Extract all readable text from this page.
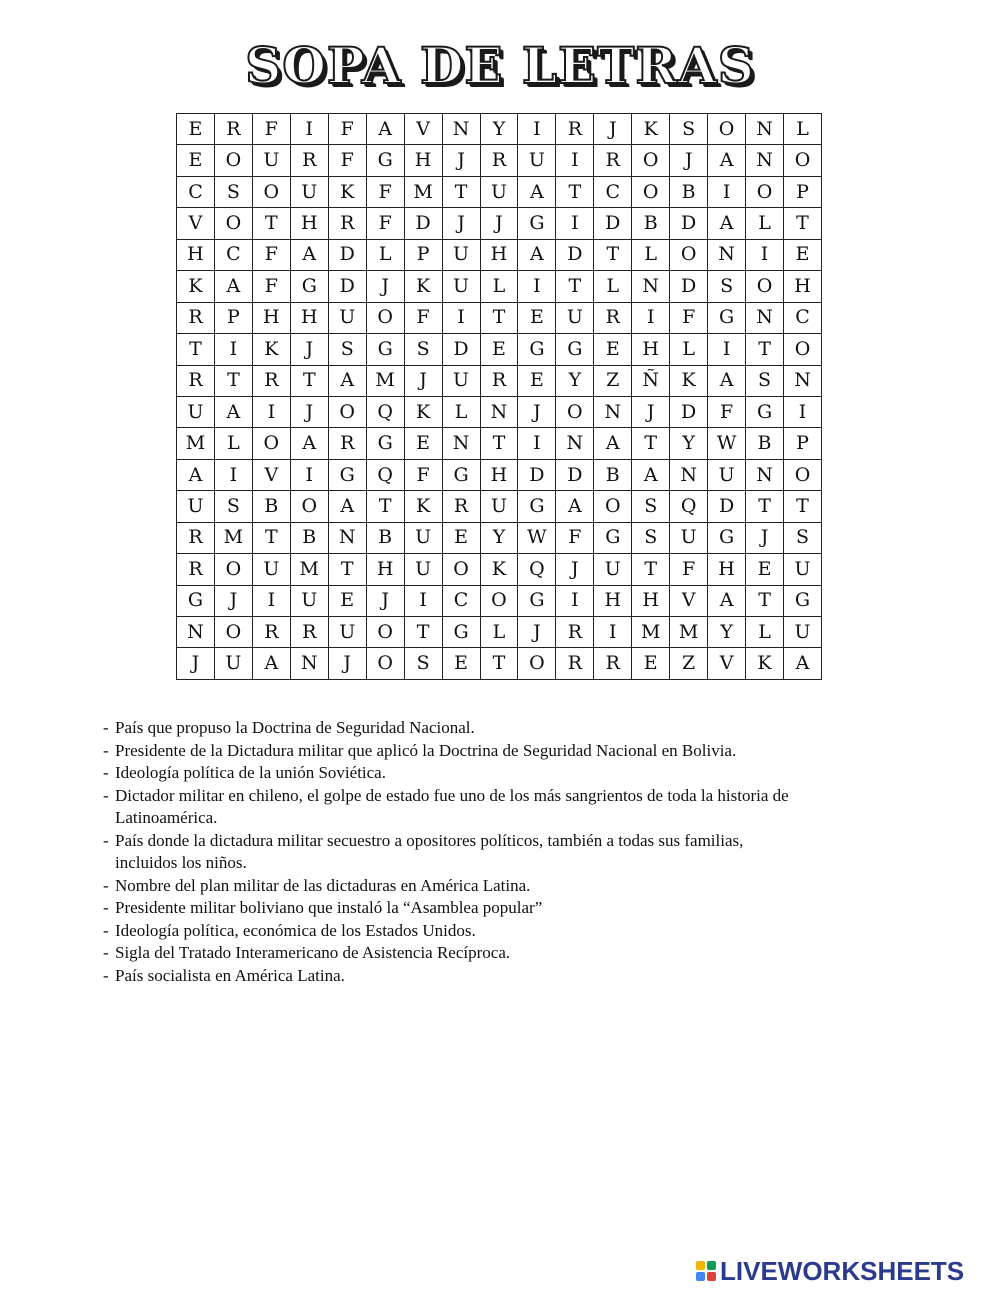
SOPA DE LETRAS
E	R	F	I	F	A	V	N	Y	I	R	J	K	S	O	N	L
E	O	U	R	F	G	H	J	R	U	I	R	O	J	A	N	O
C	S	O	U	K	F	M	T	U	A	T	C	O	B	I	O	P
V	O	T	H	R	F	D	J	J	G	I	D	B	D	A	L	T
H	C	F	A	D	L	P	U	H	A	D	T	L	O	N	I	E
K	A	F	G	D	J	K	U	L	I	T	L	N	D	S	O	H
R	P	H	H	U	O	F	I	T	E	U	R	I	F	G	N	C
T	I	K	J	S	G	S	D	E	G	G	E	H	L	I	T	O
R	T	R	T	A	M	J	U	R	E	Y	Z	Ñ	K	A	S	N
U	A	I	J	O	Q	K	L	N	J	O	N	J	D	F	G	I
M	L	O	A	R	G	E	N	T	I	N	A	T	Y	W	B	P
A	I	V	I	G	Q	F	G	H	D	D	B	A	N	U	N	O
U	S	B	O	A	T	K	R	U	G	A	O	S	Q	D	T	T
R	M	T	B	N	B	U	E	Y	W	F	G	S	U	G	J	S
R	O	U	M	T	H	U	O	K	Q	J	U	T	F	H	E	U
G	J	I	U	E	J	I	C	O	G	I	H	H	V	A	T	G
N	O	R	R	U	O	T	G	L	J	R	I	M	M	Y	L	U
J	U	A	N	J	O	S	E	T	O	R	R	E	Z	V	K	A
- País que propuso la Doctrina de Seguridad Nacional.
- Presidente de la Dictadura militar que aplicó la Doctrina de Seguridad Nacional en Bolivia.
- Ideología política de la unión Soviética.
- Dictador militar en chileno, el golpe de estado fue uno de los más sangrientos de toda la historia de
Latinoamérica.
- País donde la dictadura militar secuestro a opositores políticos, también a todas sus familias,
incluidos los niños.
- Nombre del plan militar de las dictaduras en América Latina.
- Presidente militar boliviano que instaló la “Asamblea popular”
- Ideología política, económica de los Estados Unidos.
- Sigla del Tratado Interamericano de Asistencia Recíproca.
- País socialista en América Latina.
LIVEWORKSHEETS
